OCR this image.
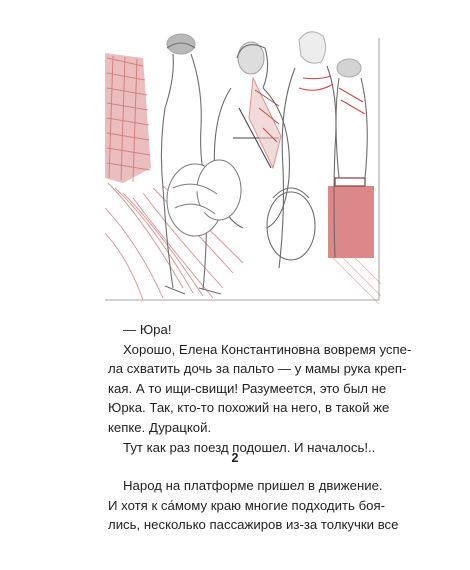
— Юра!

Хорошо, Елена Константиновна вовремя успе-
ла схватить дочь за пальто — у мамы рука креп-
кая. А то ищи-свищи! Разумеется, это был не
Юрка. Так, кто-то похожий на него, в такой же
кепке. Дурацкой.

Тут как раз поезд подошел. И началось!..

2

Народ на платформе пришел в движение.
И хотя к са́мому краю многие подходить боя-
лись, несколько пассажиров из-за толкучки все
